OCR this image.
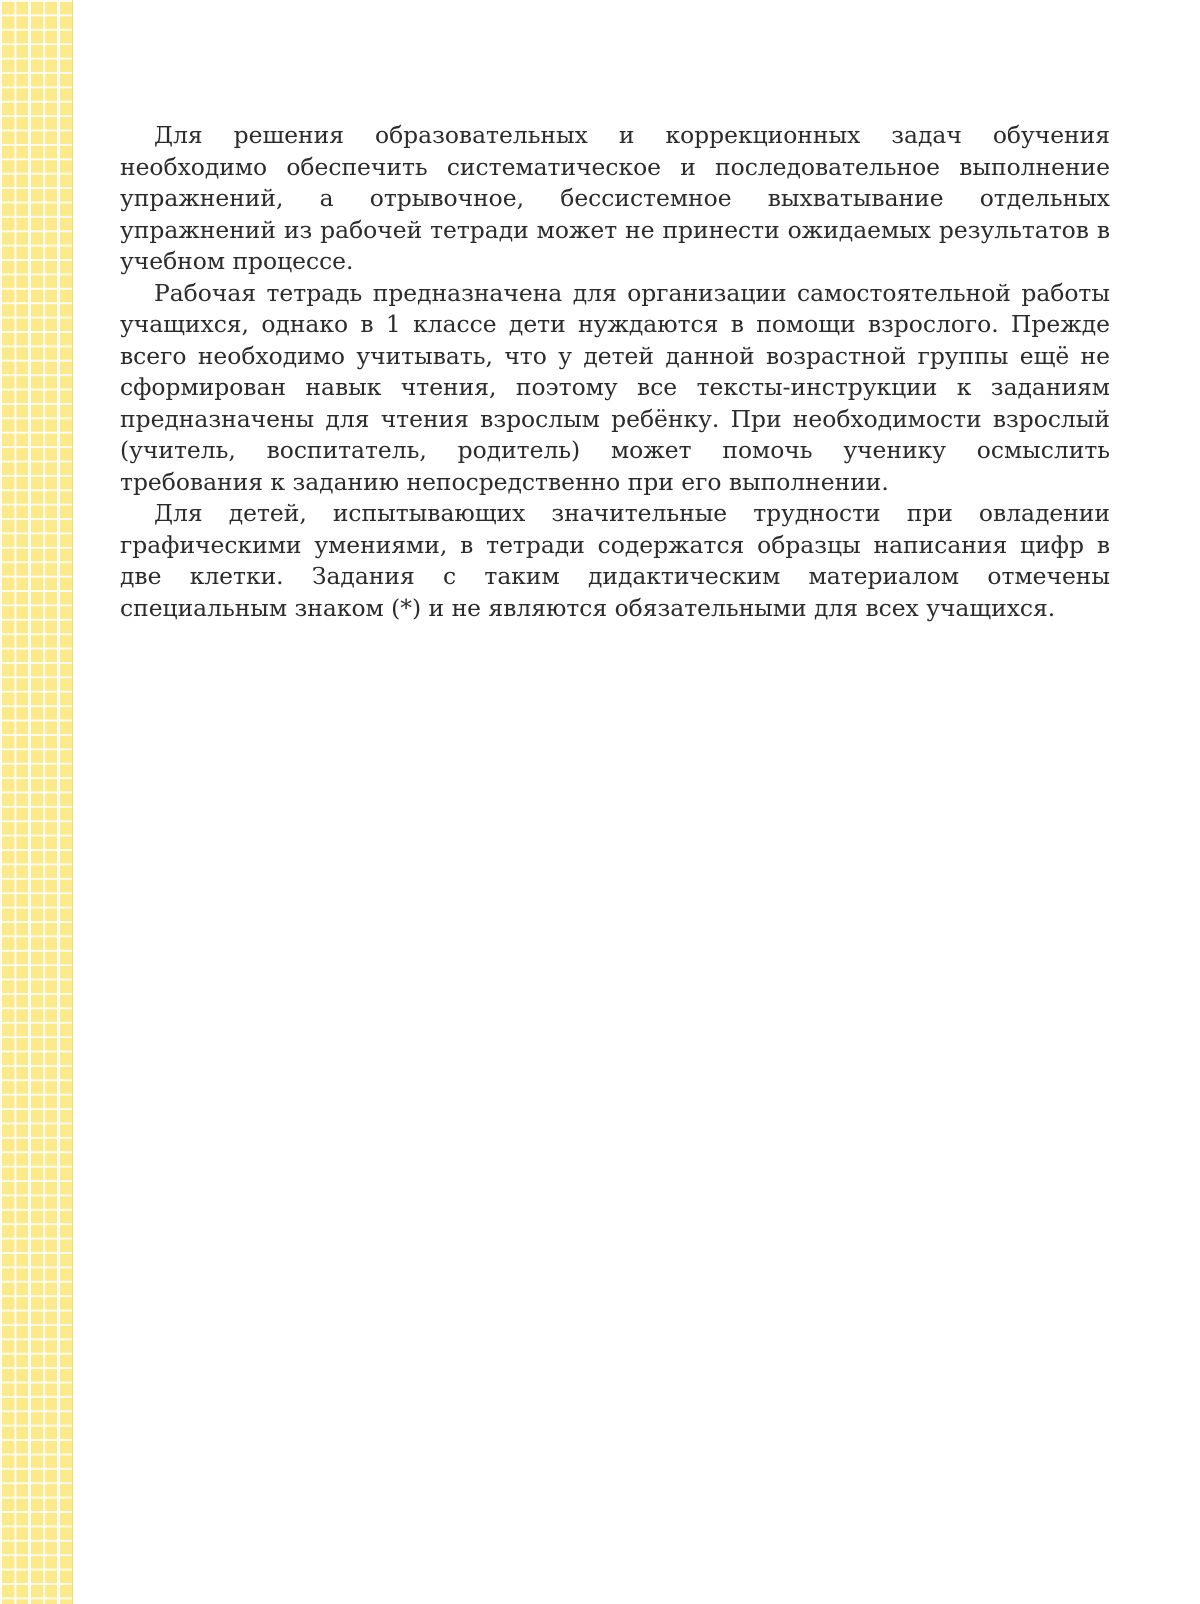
Для решения образовательных и коррекционных задач обучения необходимо обеспечить систематическое и последовательное выполнение упражнений, а отрывочное, бессистемное выхватывание отдельных упражнений из рабочей тетради может не принести ожидаемых результатов в учебном процессе.

Рабочая тетрадь предназначена для организации самостоятельной работы учащихся, однако в 1 классе дети нуждаются в помощи взрослого. Прежде всего необходимо учитывать, что у детей данной возрастной группы ещё не сформирован навык чтения, поэтому все тексты-инструкции к заданиям предназначены для чтения взрослым ребёнку. При необходимости взрослый (учитель, воспитатель, родитель) может помочь ученику осмыслить требования к заданию непосредственно при его выполнении.

Для детей, испытывающих значительные трудности при овладении графическими умениями, в тетради содержатся образцы написания цифр в две клетки. Задания с таким дидактическим материалом отмечены специальным знаком (*) и не являются обязательными для всех учащихся.
